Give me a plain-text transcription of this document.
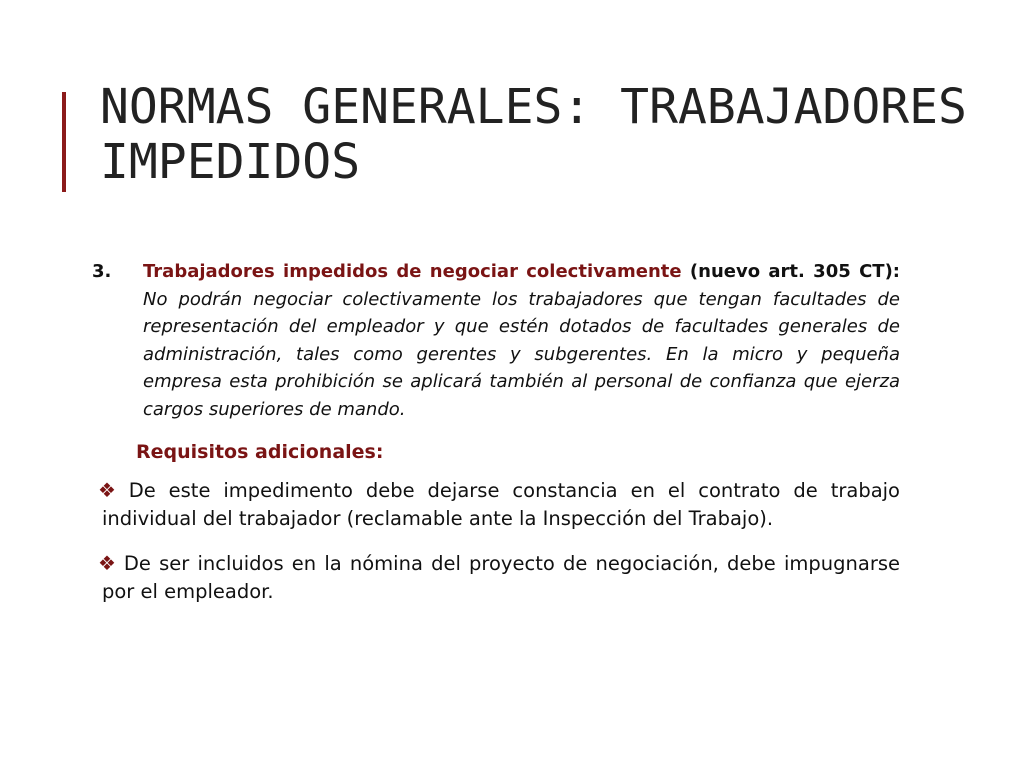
NORMAS GENERALES: TRABAJADORES IMPEDIDOS
3. Trabajadores impedidos de negociar colectivamente (nuevo art. 305 CT): No podrán negociar colectivamente los trabajadores que tengan facultades de representación del empleador y que estén dotados de facultades generales de administración, tales como gerentes y subgerentes. En la micro y pequeña empresa esta prohibición se aplicará también al personal de confianza que ejerza cargos superiores de mando.
Requisitos adicionales:
❖ De este impedimento debe dejarse constancia en el contrato de trabajo individual del trabajador (reclamable ante la Inspección del Trabajo).
❖ De ser incluidos en la nómina del proyecto de negociación, debe impugnarse por el empleador.
